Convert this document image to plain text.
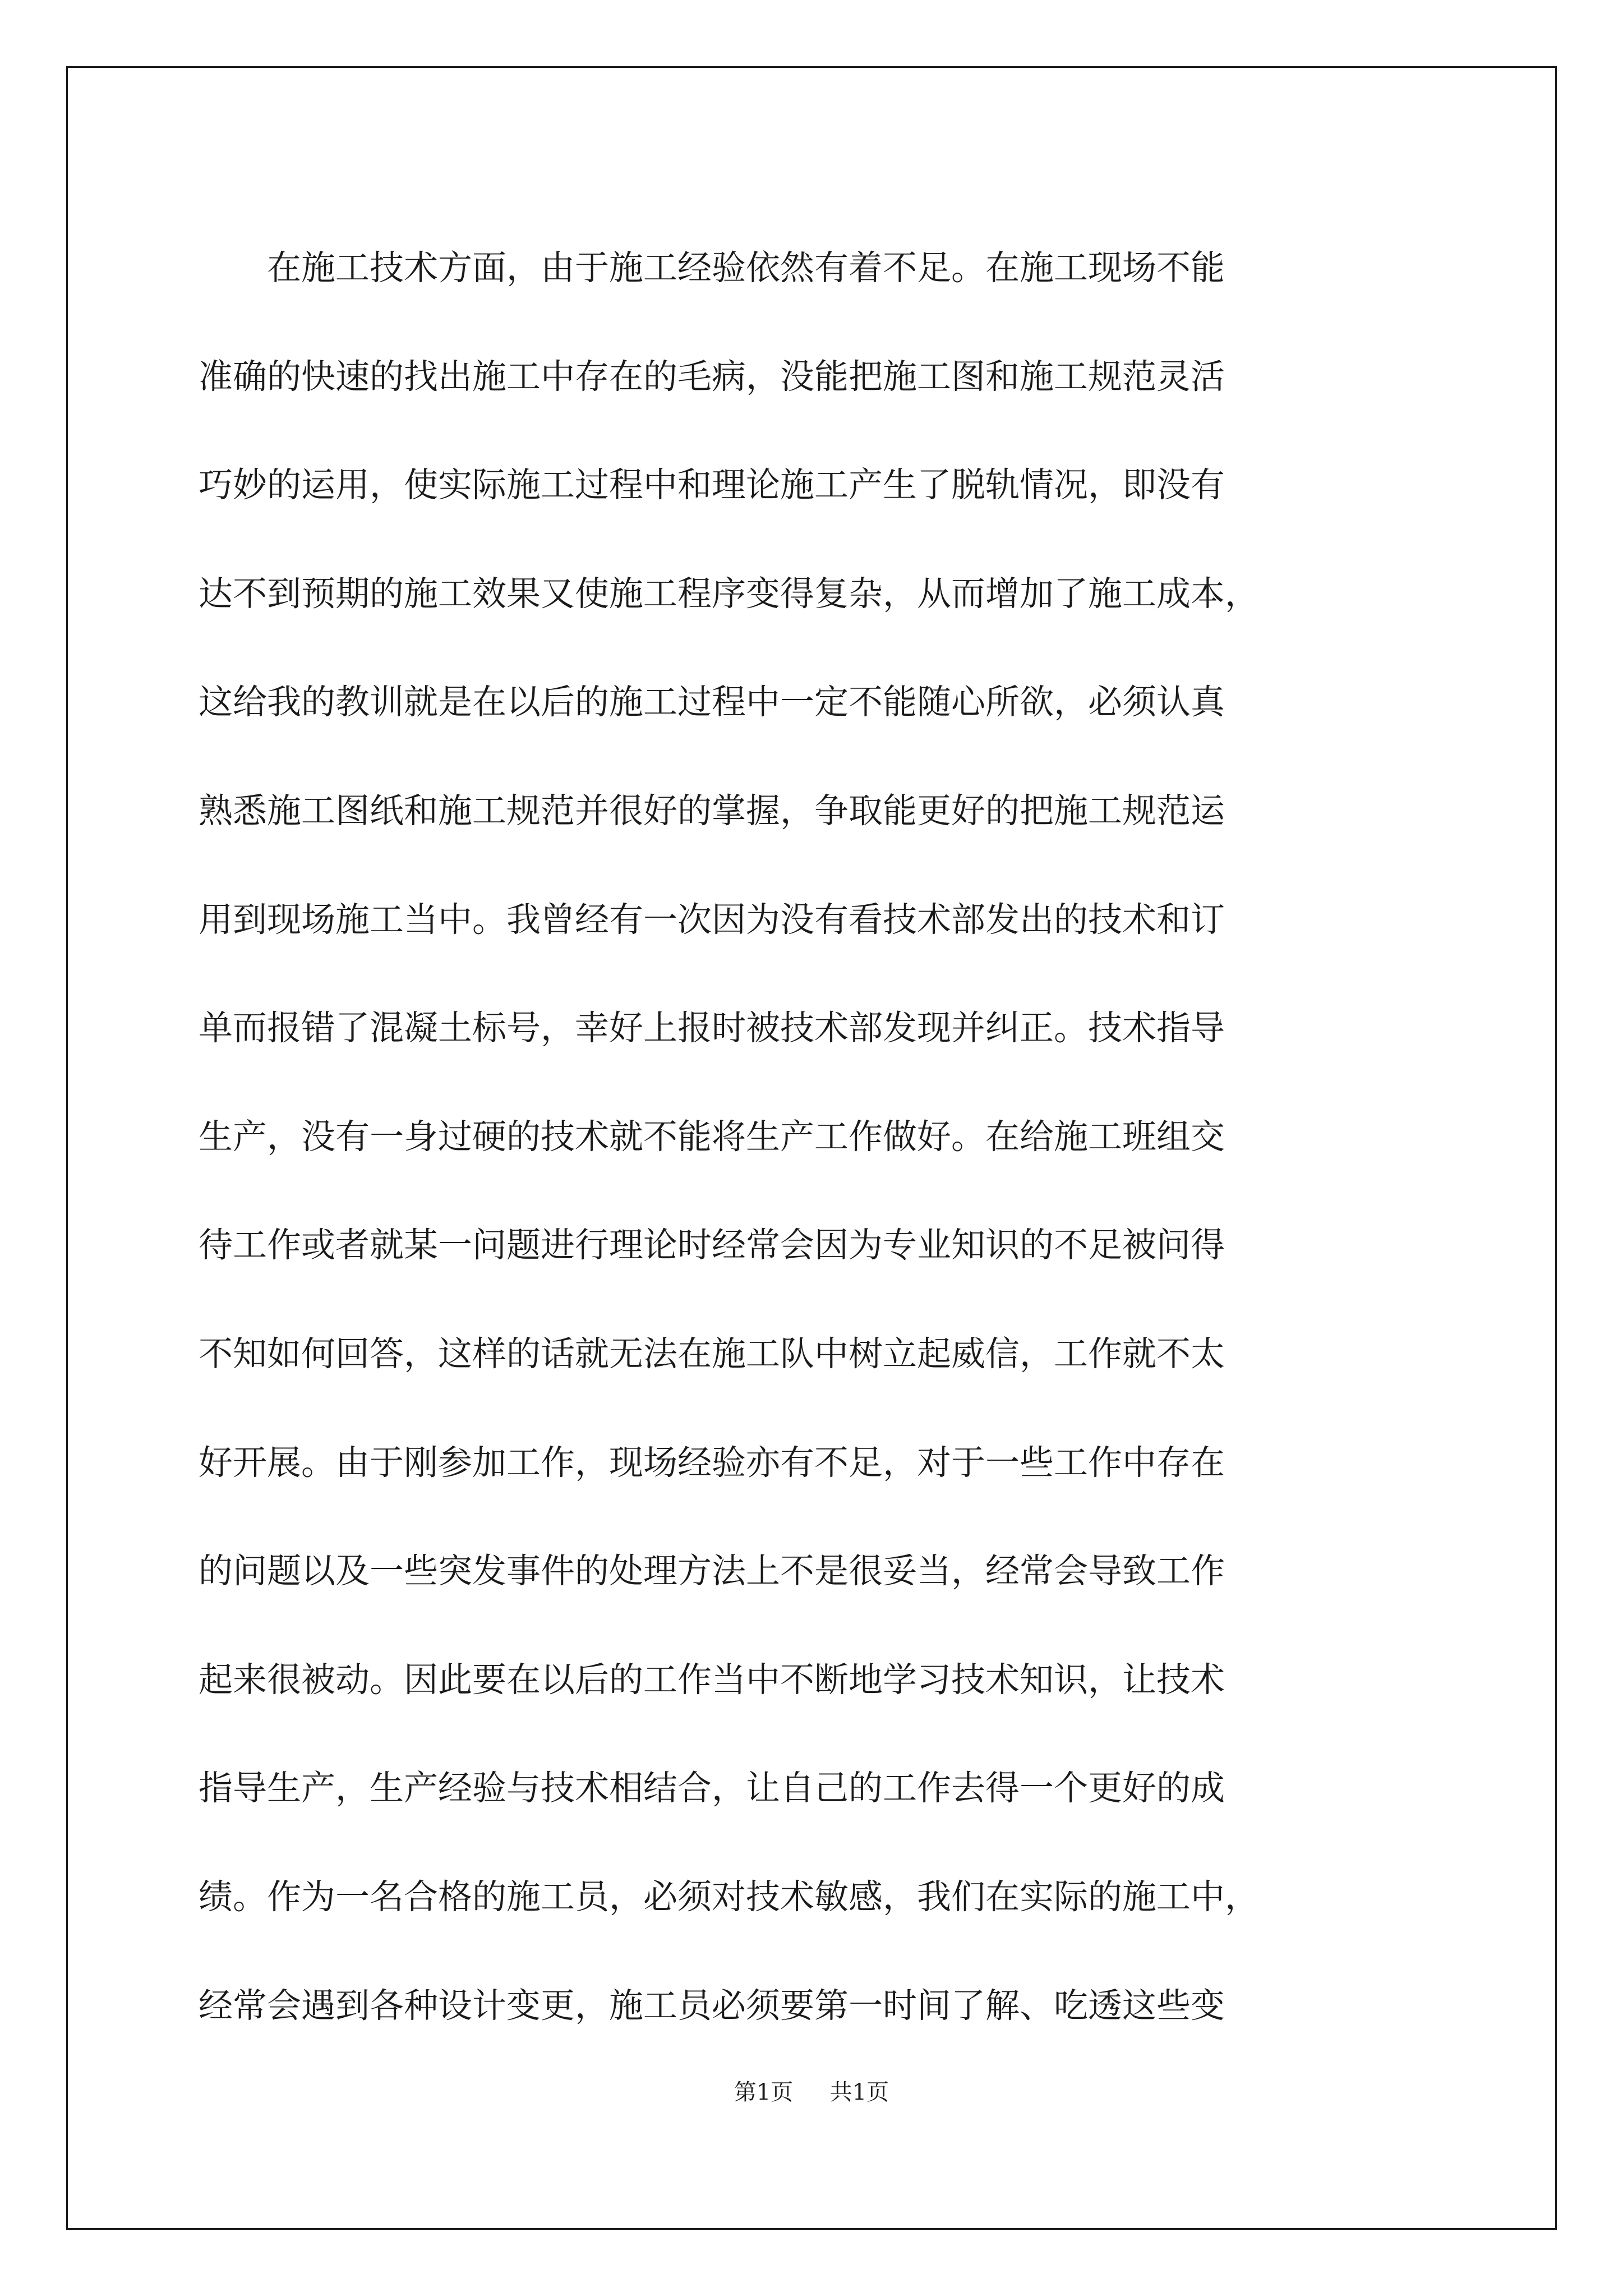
　　在施工技术方面，由于施工经验依然有着不足。在施工现场不能
准确的快速的找出施工中存在的毛病，没能把施工图和施工规范灵活
巧妙的运用，使实际施工过程中和理论施工产生了脱轨情况，即没有
达不到预期的施工效果又使施工程序变得复杂，从而增加了施工成本，
这给我的教训就是在以后的施工过程中一定不能随心所欲，必须认真
熟悉施工图纸和施工规范并很好的掌握，争取能更好的把施工规范运
用到现场施工当中。我曾经有一次因为没有看技术部发出的技术和订
单而报错了混凝土标号，幸好上报时被技术部发现并纠正。技术指导
生产，没有一身过硬的技术就不能将生产工作做好。在给施工班组交
待工作或者就某一问题进行理论时经常会因为专业知识的不足被问得
不知如何回答，这样的话就无法在施工队中树立起威信，工作就不太
好开展。由于刚参加工作，现场经验亦有不足，对于一些工作中存在
的问题以及一些突发事件的处理方法上不是很妥当，经常会导致工作
起来很被动。因此要在以后的工作当中不断地学习技术知识，让技术
指导生产，生产经验与技术相结合，让自己的工作去得一个更好的成
绩。作为一名合格的施工员，必须对技术敏感，我们在实际的施工中，
经常会遇到各种设计变更，施工员必须要第一时间了解、吃透这些变
第1页 共1页
